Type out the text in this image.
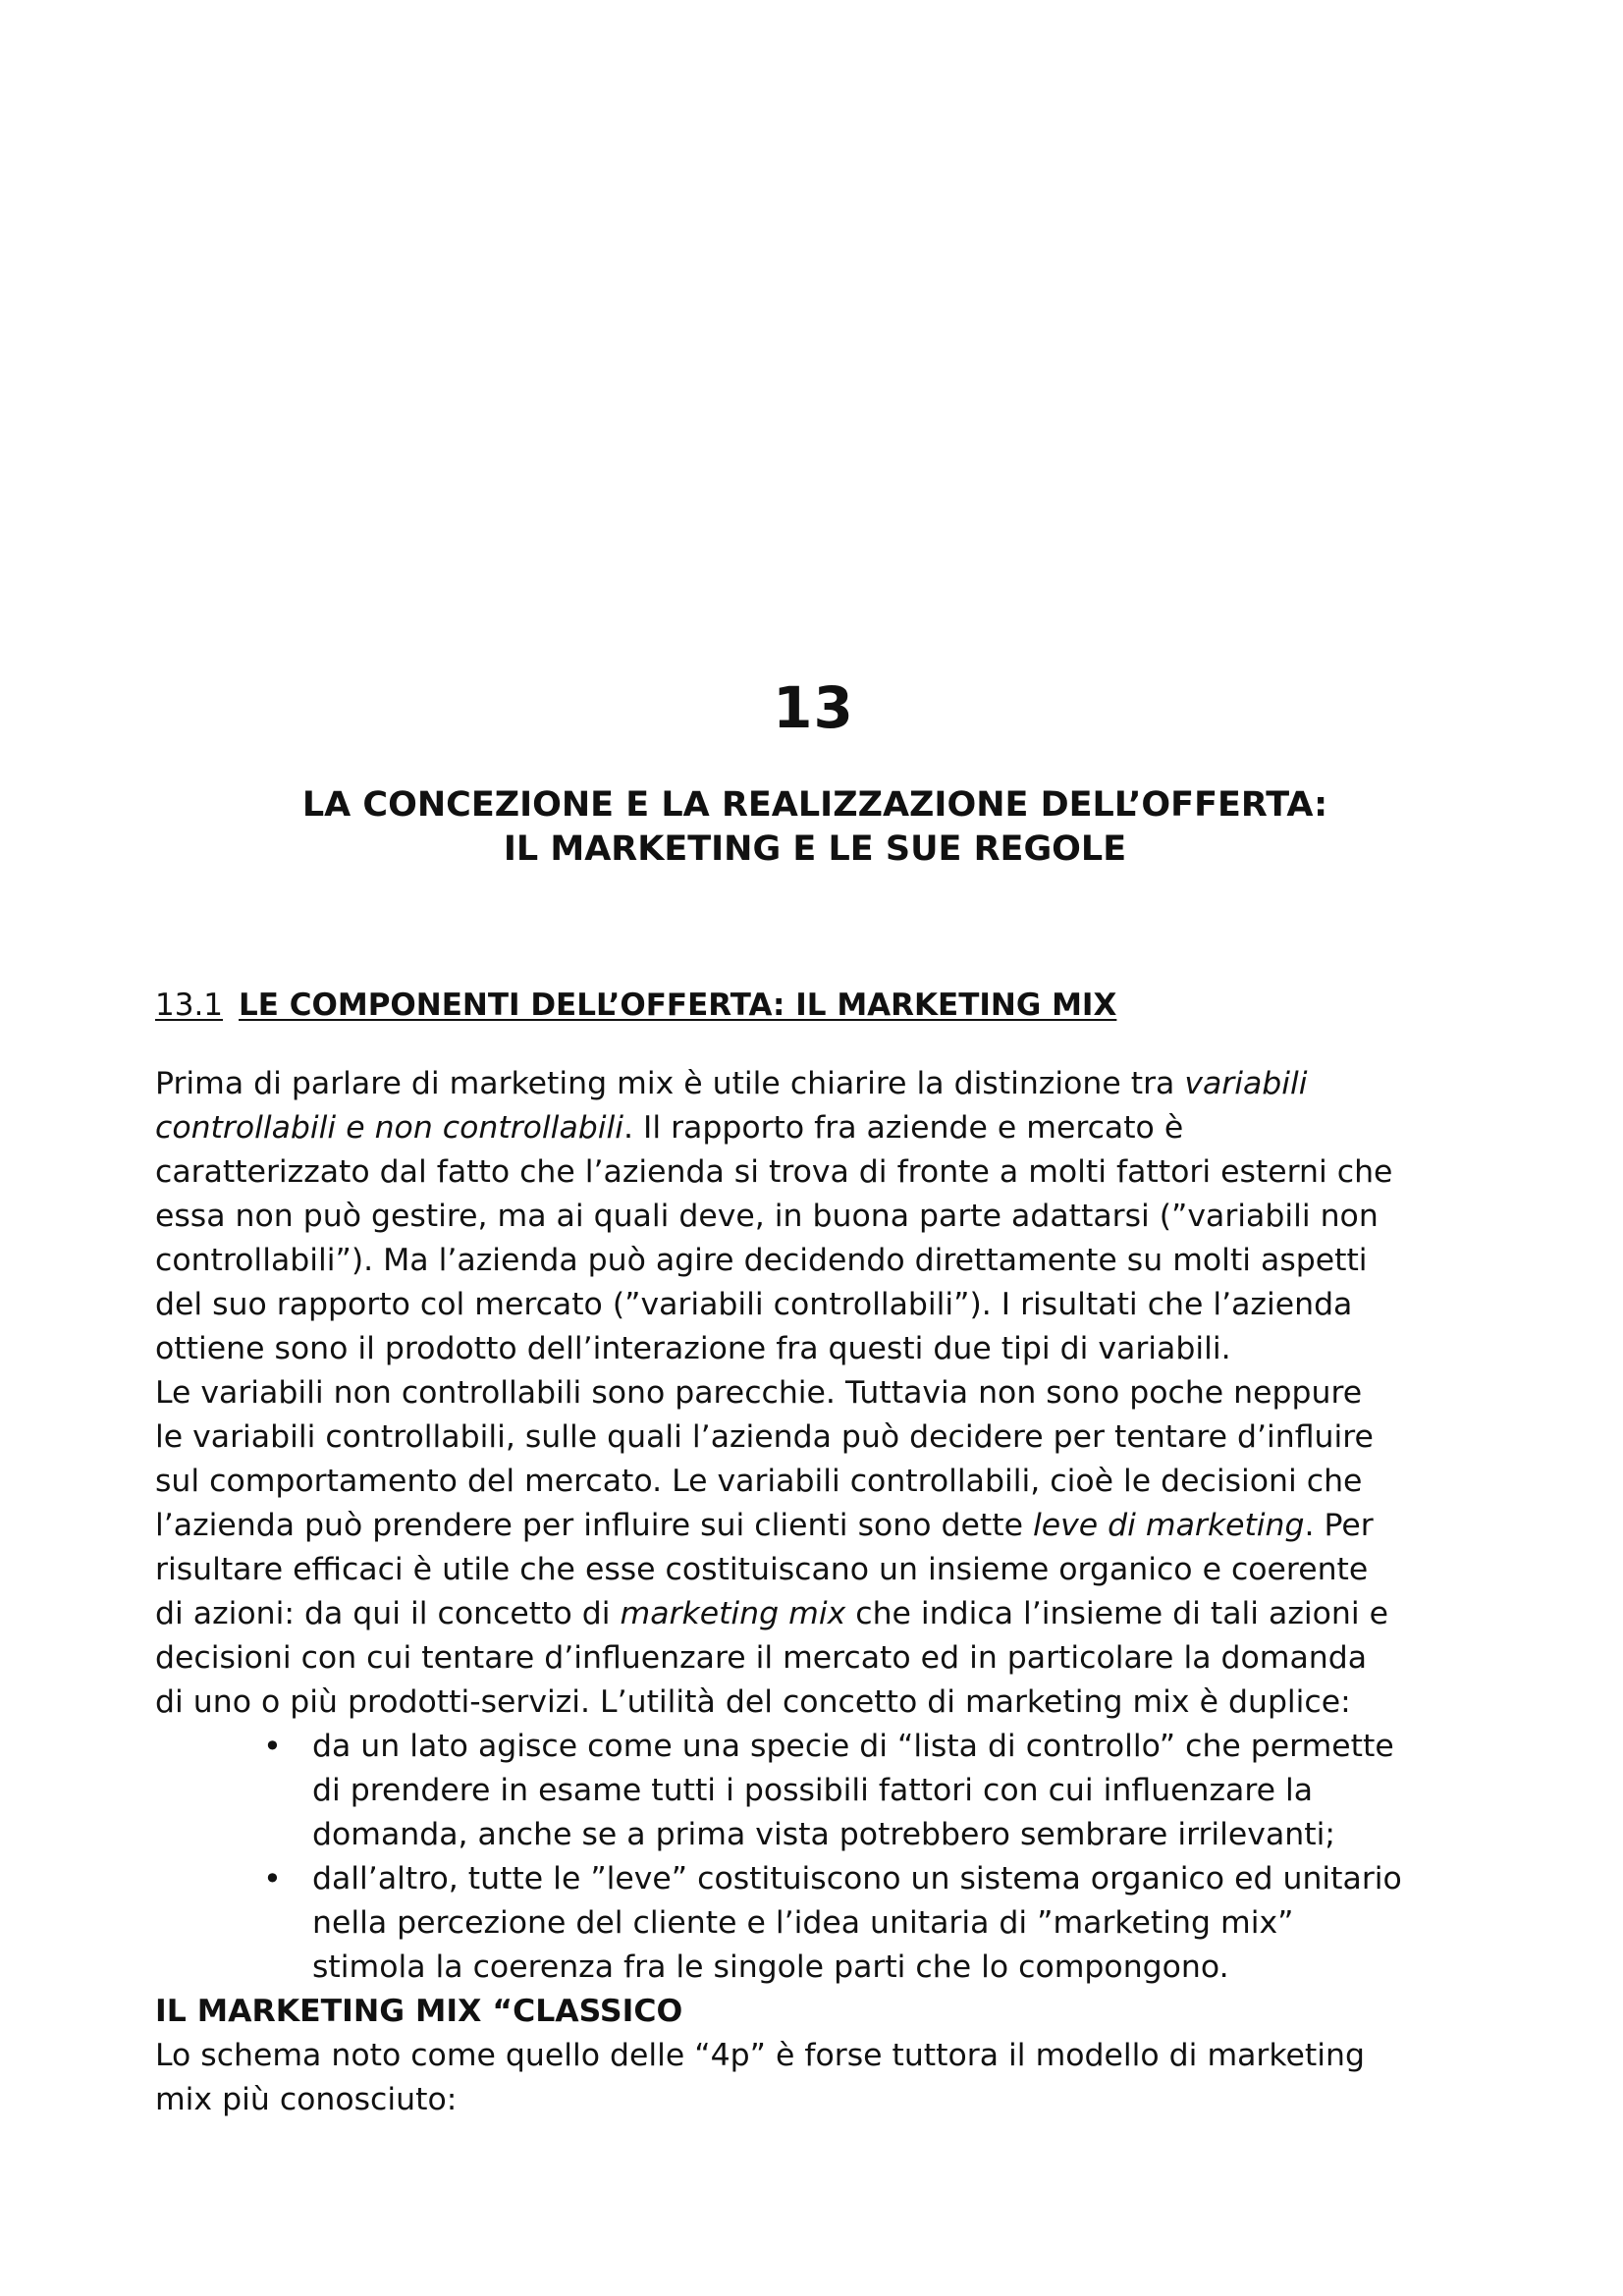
13
LA CONCEZIONE E LA REALIZZAZIONE DELL’OFFERTA:
IL MARKETING E LE SUE REGOLE
13.1 LE COMPONENTI DELL’OFFERTA: IL MARKETING MIX
Prima di parlare di marketing mix è utile chiarire la distinzione tra variabili
controllabili e non controllabili. Il rapporto fra aziende e mercato è
caratterizzato dal fatto che l’azienda si trova di fronte a molti fattori esterni che
essa non può gestire, ma ai quali deve, in buona parte adattarsi (”variabili non
controllabili”). Ma l’azienda può agire decidendo direttamente su molti aspetti
del suo rapporto col mercato (”variabili controllabili”). I risultati che l’azienda
ottiene sono il prodotto dell’interazione fra questi due tipi di variabili.
Le variabili non controllabili sono parecchie. Tuttavia non sono poche neppure
le variabili controllabili, sulle quali l’azienda può decidere per tentare d’influire
sul comportamento del mercato. Le variabili controllabili, cioè le decisioni che
l’azienda può prendere per influire sui clienti sono dette leve di marketing. Per
risultare efficaci è utile che esse costituiscano un insieme organico e coerente
di azioni: da qui il concetto di marketing mix che indica l’insieme di tali azioni e
decisioni con cui tentare d’influenzare il mercato ed in particolare la domanda
di uno o più prodotti-servizi. L’utilità del concetto di marketing mix è duplice:
• da un lato agisce come una specie di “lista di controllo” che permette
di prendere in esame tutti i possibili fattori con cui influenzare la
domanda, anche se a prima vista potrebbero sembrare irrilevanti;
• dall’altro, tutte le ”leve” costituiscono un sistema organico ed unitario
nella percezione del cliente e l’idea unitaria di ”marketing mix”
stimola la coerenza fra le singole parti che lo compongono.
IL MARKETING MIX “CLASSICO
Lo schema noto come quello delle “4p” è forse tuttora il modello di marketing
mix più conosciuto:
